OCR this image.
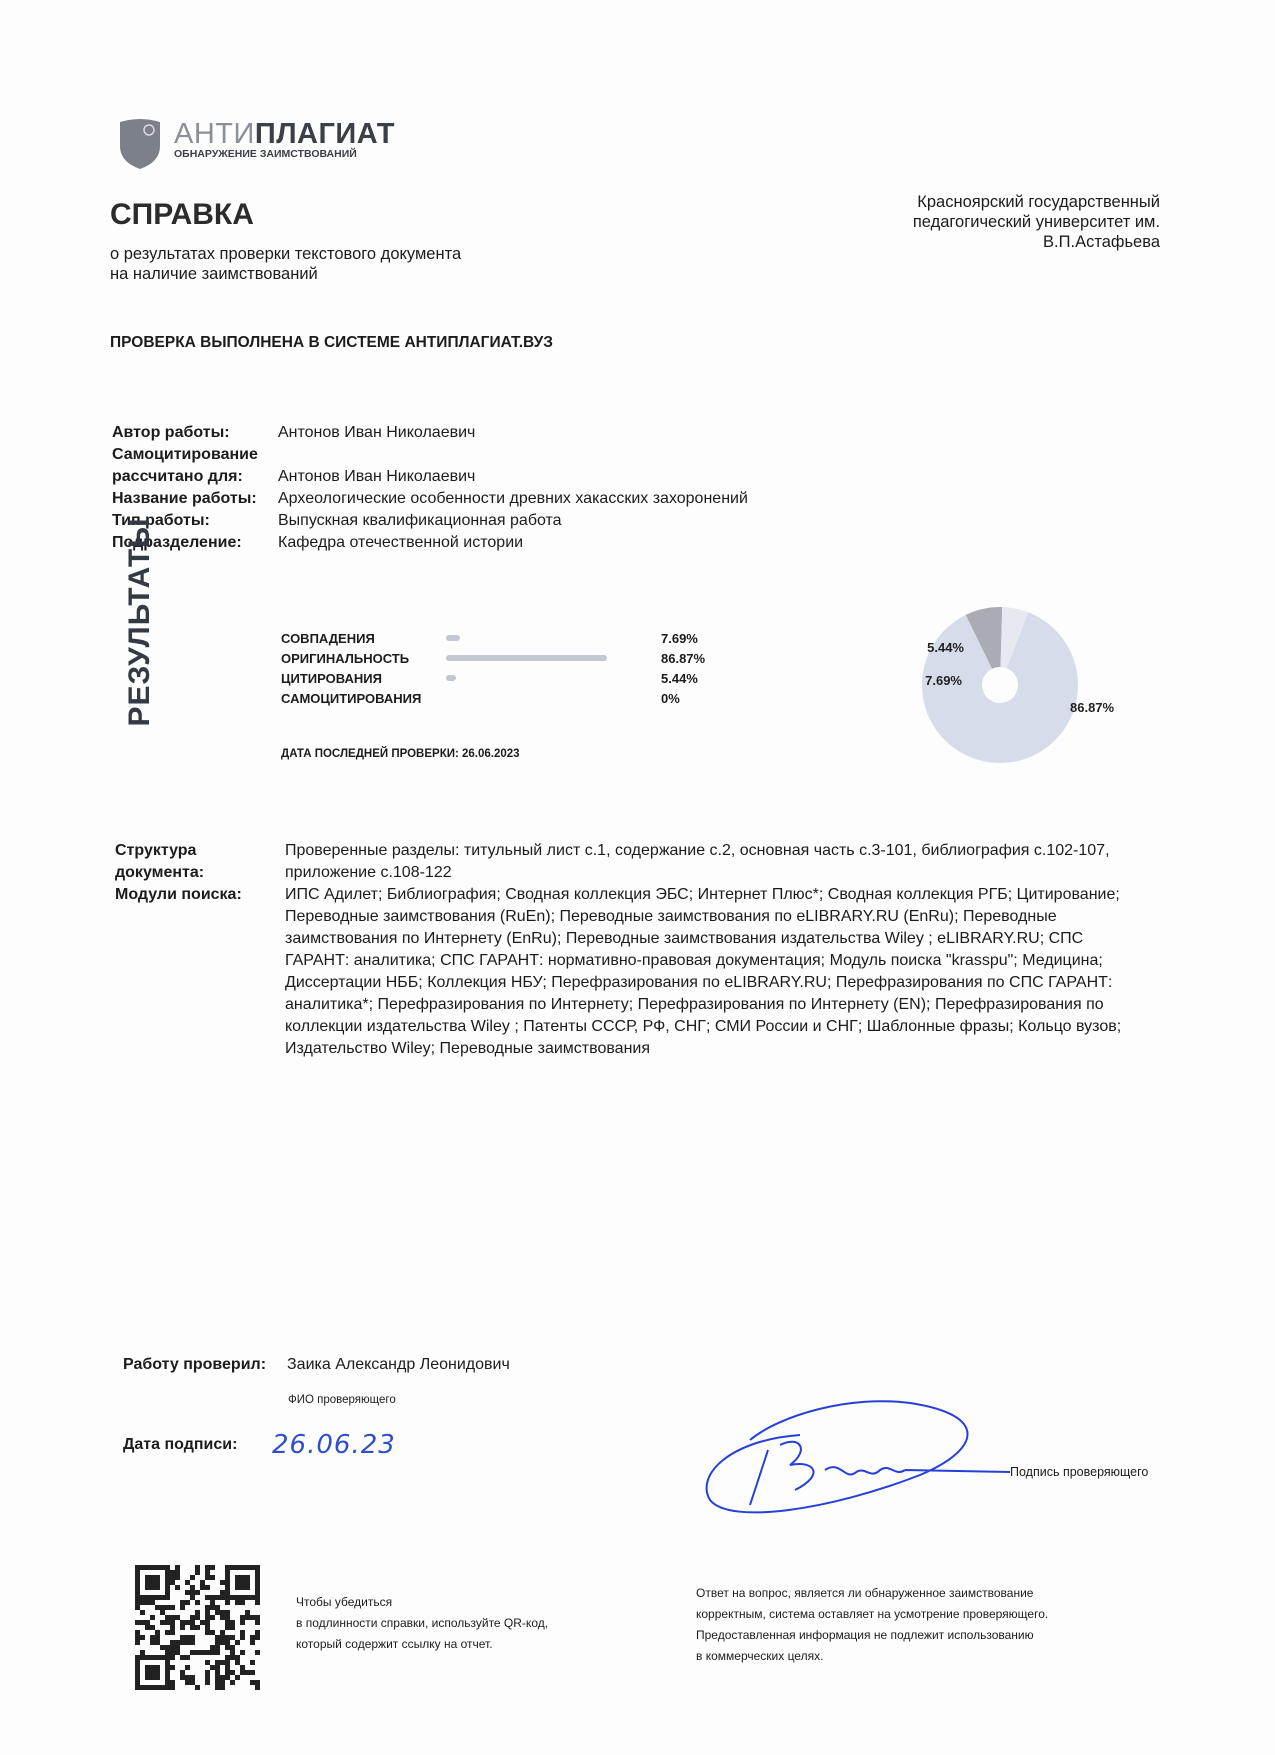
АНТИПЛАГИАТ
ОБНАРУЖЕНИЕ ЗАИМСТВОВАНИЙ
СПРАВКА
о результатах проверки текстового документа
на наличие заимствований
Красноярский государственный
педагогический университет им.
В.П.Астафьева
ПРОВЕРКА ВЫПОЛНЕНА В СИСТЕМЕ АНТИПЛАГИАТ.ВУЗ
Автор работы:	Антонов Иван Николаевич
Самоцитирование
рассчитано для:	Антонов Иван Николаевич
Название работы:	Археологические особенности древних хакасских захоронений
Тип работы:	Выпускная квалификационная работа
Подразделение:	Кафедра отечественной истории
РЕЗУЛЬТАТЫ	СОВПАДЕНИЯ	7.69%
ОРИГИНАЛЬНОСТЬ	86.87%
ЦИТИРОВАНИЯ	5.44%
САМОЦИТИРОВАНИЯ	0%
ДАТА ПОСЛЕДНЕЙ ПРОВЕРКИ: 26.06.2023
86.87%
7.69%
5.44%
Структура
документа:
Проверенные разделы: титульный лист с.1, содержание с.2, основная часть с.3-101, библиография с.102-107, приложение с.108-122
Модули поиска:	ИПС Адилет; Библиография; Сводная коллекция ЭБС; Интернет Плюс*; Сводная коллекция РГБ; Цитирование; Переводные заимствования (RuEn); Переводные заимствования по eLIBRARY.RU (EnRu); Переводные заимствования по Интернету (EnRu); Переводные заимствования издательства Wiley ; eLIBRARY.RU; СПС ГАРАНТ: аналитика; СПС ГАРАНТ: нормативно-правовая документация; Модуль поиска "krasspu"; Медицина; Диссертации НББ; Коллекция НБУ; Перефразирования по eLIBRARY.RU; Перефразирования по СПС ГАРАНТ: аналитика*; Перефразирования по Интернету; Перефразирования по Интернету (EN); Перефразирования по коллекции издательства Wiley ; Патенты СССР, РФ, СНГ; СМИ России и СНГ; Шаблонные фразы; Кольцо вузов; Издательство Wiley; Переводные заимствования
Работу проверил: Заика Александр Леонидович
ФИО проверяющего
Дата подписи: 26.06.23
Подпись проверяющего
Чтобы убедиться
в подлинности справки, используйте QR-код,
который содержит ссылку на отчет.
Ответ на вопрос, является ли обнаруженное заимствование
корректным, система оставляет на усмотрение проверяющего.
Предоставленная информация не подлежит использованию
в коммерческих целях.
